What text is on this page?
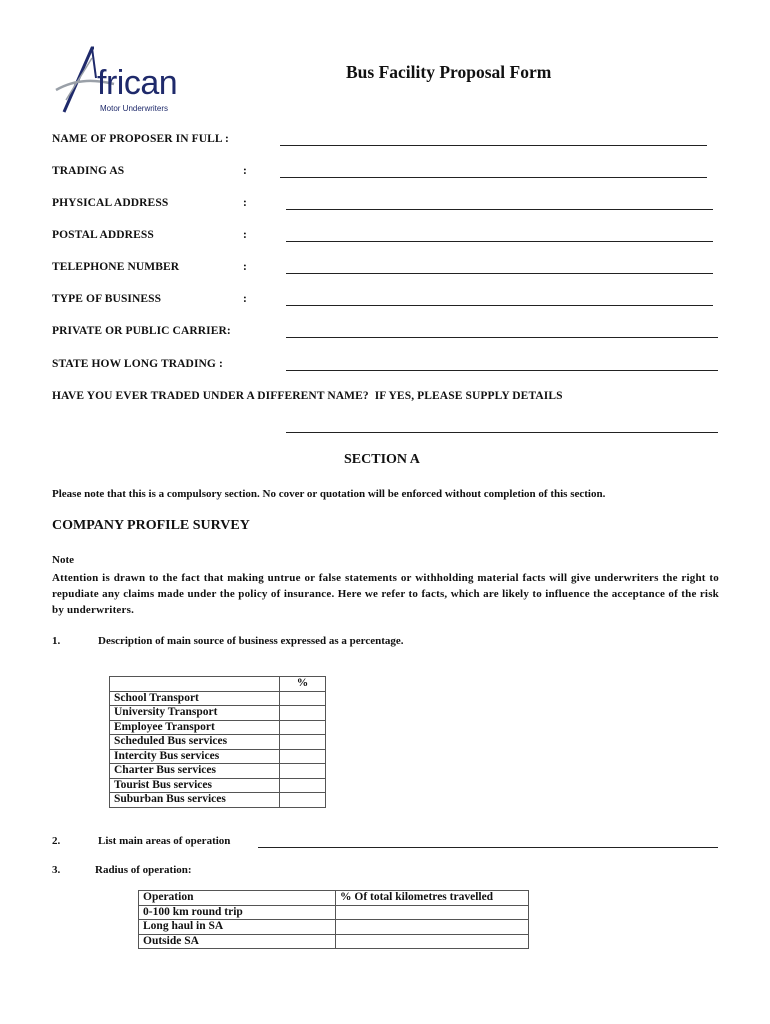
frican
Motor Underwriters
Bus Facility Proposal Form
NAME OF PROPOSER IN FULL :
TRADING AS	:
PHYSICAL ADDRESS	:
POSTAL ADDRESS	:
TELEPHONE NUMBER	:
TYPE OF BUSINESS	:
PRIVATE OR PUBLIC CARRIER:
STATE HOW LONG TRADING :
HAVE YOU EVER TRADED UNDER A DIFFERENT NAME?  IF YES, PLEASE SUPPLY DETAILS
SECTION A
Please note that this is a compulsory section. No cover or quotation will be enforced without completion of this section.
COMPANY PROFILE SURVEY
Note
Attention is drawn to the fact that making untrue or false statements or withholding material facts will give underwriters the right to repudiate any claims made under the policy of insurance. Here we refer to facts, which are likely to influence the acceptance of the risk by underwriters.
1.	Description of main source of business expressed as a percentage.
	%
School Transport	
University Transport	
Employee Transport	
Scheduled Bus services	
Intercity Bus services	
Charter Bus services	
Tourist Bus services	
Suburban Bus services	
2.	List main areas of operation
3.	Radius of operation:
Operation	% Of total kilometres travelled
0-100 km round trip	
Long haul in SA	
Outside SA	
